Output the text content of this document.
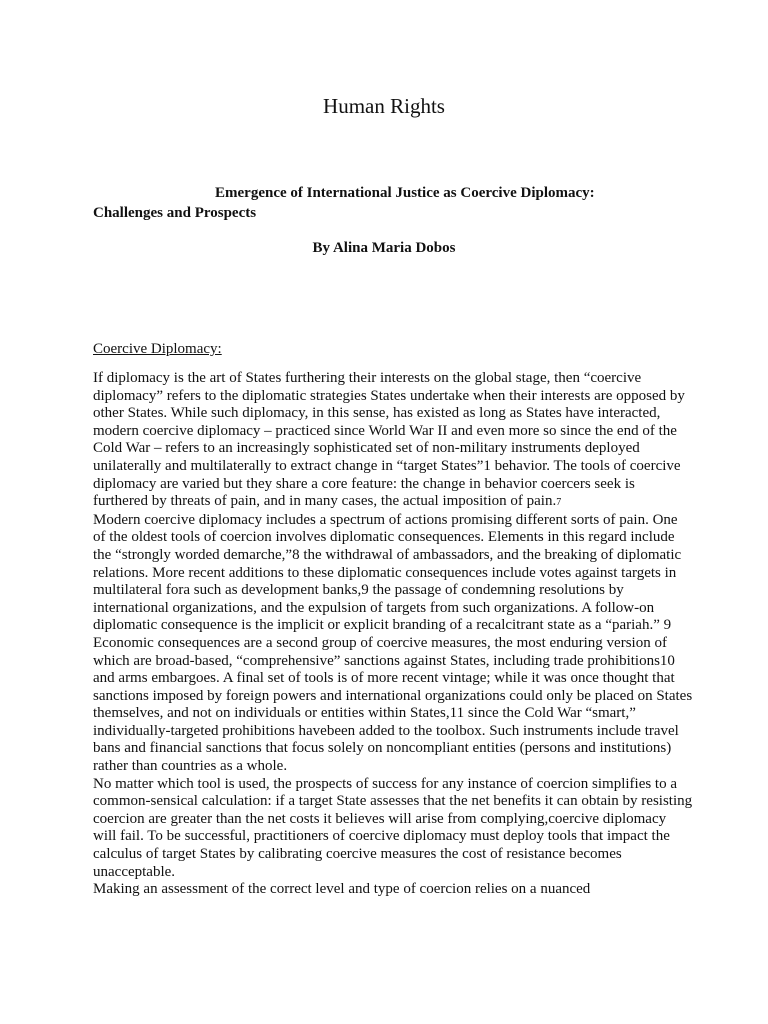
Human Rights
Emergence of International Justice as Coercive Diplomacy:
Challenges and Prospects
By Alina Maria Dobos
Coercive Diplomacy:

If diplomacy is the art of States furthering their interests on the global stage, then “coercive diplomacy” refers to the diplomatic strategies States undertake when their interests are opposed by other States. While such diplomacy, in this sense, has existed as long as States have interacted, modern coercive diplomacy – practiced since World War II and even more so since the end of the Cold War – refers to an increasingly sophisticated set of non-military instruments deployed unilaterally and multilaterally to extract change in “target States”1 behavior. The tools of coercive diplomacy are varied but they share a core feature: the change in behavior coercers seek is furthered by threats of pain, and in many cases, the actual imposition of pain.7

Modern coercive diplomacy includes a spectrum of actions promising different sorts of pain. One of the oldest tools of coercion involves diplomatic consequences. Elements in this regard include the “strongly worded demarche,”8 the withdrawal of ambassadors, and the breaking of diplomatic relations. More recent additions to these diplomatic consequences include votes against targets in multilateral fora such as development banks,9 the passage of condemning resolutions by international organizations, and the expulsion of targets from such organizations. A follow-on diplomatic consequence is the implicit or explicit branding of a recalcitrant state as a “pariah.” 9 Economic consequences are a second group of coercive measures, the most enduring version of which are broad-based, “comprehensive” sanctions against States, including trade prohibitions10 and arms embargoes. A final set of tools is of more recent vintage; while it was once thought that sanctions imposed by foreign powers and international organizations could only be placed on States themselves, and not on individuals or entities within States,11 since the Cold War “smart,” individually-targeted prohibitions havebeen added to the toolbox. Such instruments include travel bans and financial sanctions that focus solely on noncompliant entities (persons and institutions) rather than countries as a whole.

No matter which tool is used, the prospects of success for any instance of coercion simplifies to a common-sensical calculation: if a target State assesses that the net benefits it can obtain by resisting coercion are greater than the net costs it believes will arise from complying,coercive diplomacy will fail. To be successful, practitioners of coercive diplomacy must deploy tools that impact the calculus of target States by calibrating coercive measures the cost of resistance becomes unacceptable.

Making an assessment of the correct level and type of coercion relies on a nuanced
